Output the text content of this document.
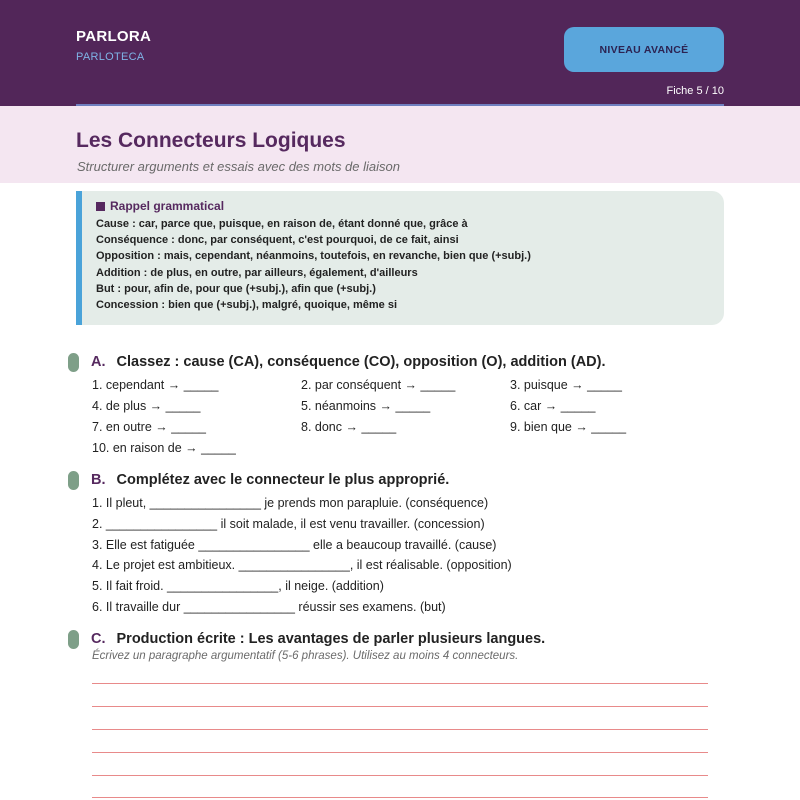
PARLORA
PARLOTECA
NIVEAU AVANCÉ
Fiche 5 / 10
Les Connecteurs Logiques
Structurer arguments et essais avec des mots de liaison
Rappel grammatical
Cause : car, parce que, puisque, en raison de, étant donné que, grâce à
Conséquence : donc, par conséquent, c'est pourquoi, de ce fait, ainsi
Opposition : mais, cependant, néanmoins, toutefois, en revanche, bien que (+subj.)
Addition : de plus, en outre, par ailleurs, également, d'ailleurs
But : pour, afin de, pour que (+subj.), afin que (+subj.)
Concession : bien que (+subj.), malgré, quoique, même si
A. Classez : cause (CA), conséquence (CO), opposition (O), addition (AD).
1. cependant → _____	2. par conséquent → _____	3. puisque → _____
4. de plus → _____	5. néanmoins → _____	6. car → _____
7. en outre → _____	8. donc → _____	9. bien que → _____
10. en raison de → _____
B. Complétez avec le connecteur le plus approprié.
1. Il pleut, ________________ je prends mon parapluie. (conséquence)
2. ________________ il soit malade, il est venu travailler. (concession)
3. Elle est fatiguée ________________ elle a beaucoup travaillé. (cause)
4. Le projet est ambitieux. ________________, il est réalisable. (opposition)
5. Il fait froid. ________________, il neige. (addition)
6. Il travaille dur ________________ réussir ses examens. (but)
C. Production écrite : Les avantages de parler plusieurs langues.
Écrivez un paragraphe argumentatif (5-6 phrases). Utilisez au moins 4 connecteurs.
